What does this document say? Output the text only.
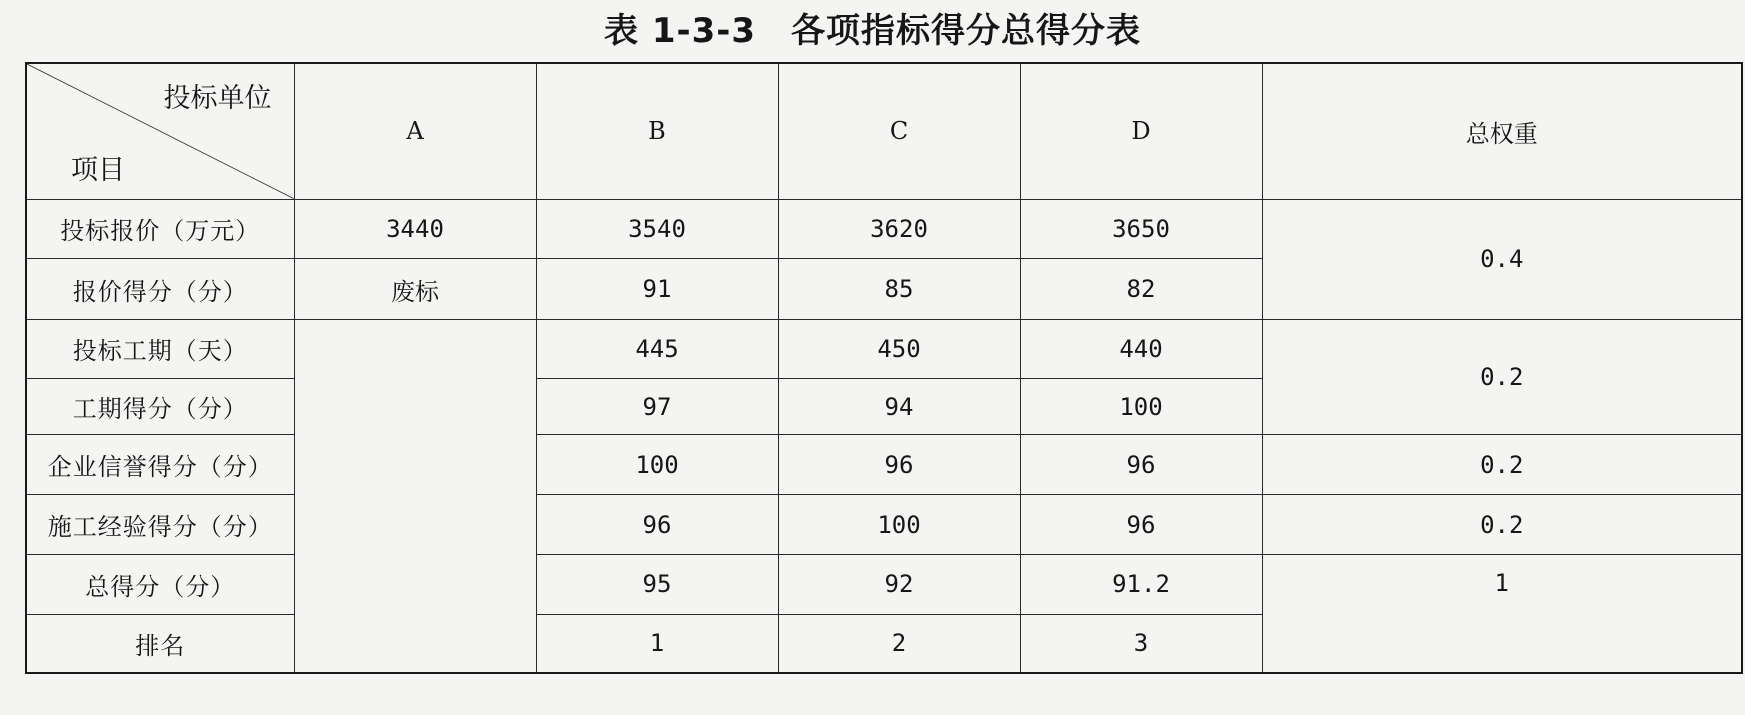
表 1-3-3　各项指标得分总得分表
投标单位
项目	A	B	C	D	总权重
投标报价（万元）	3440	3540	3620	3650	0.4
报价得分（分）	废标	91	85	82	
投标工期（天）		445	450	440	0.2
工期得分（分）		97	94	100	
企业信誉得分（分）		100	96	96	0.2
施工经验得分（分）		96	100	96	0.2
总得分（分）		95	92	91.2	1
排名		1	2	3	
